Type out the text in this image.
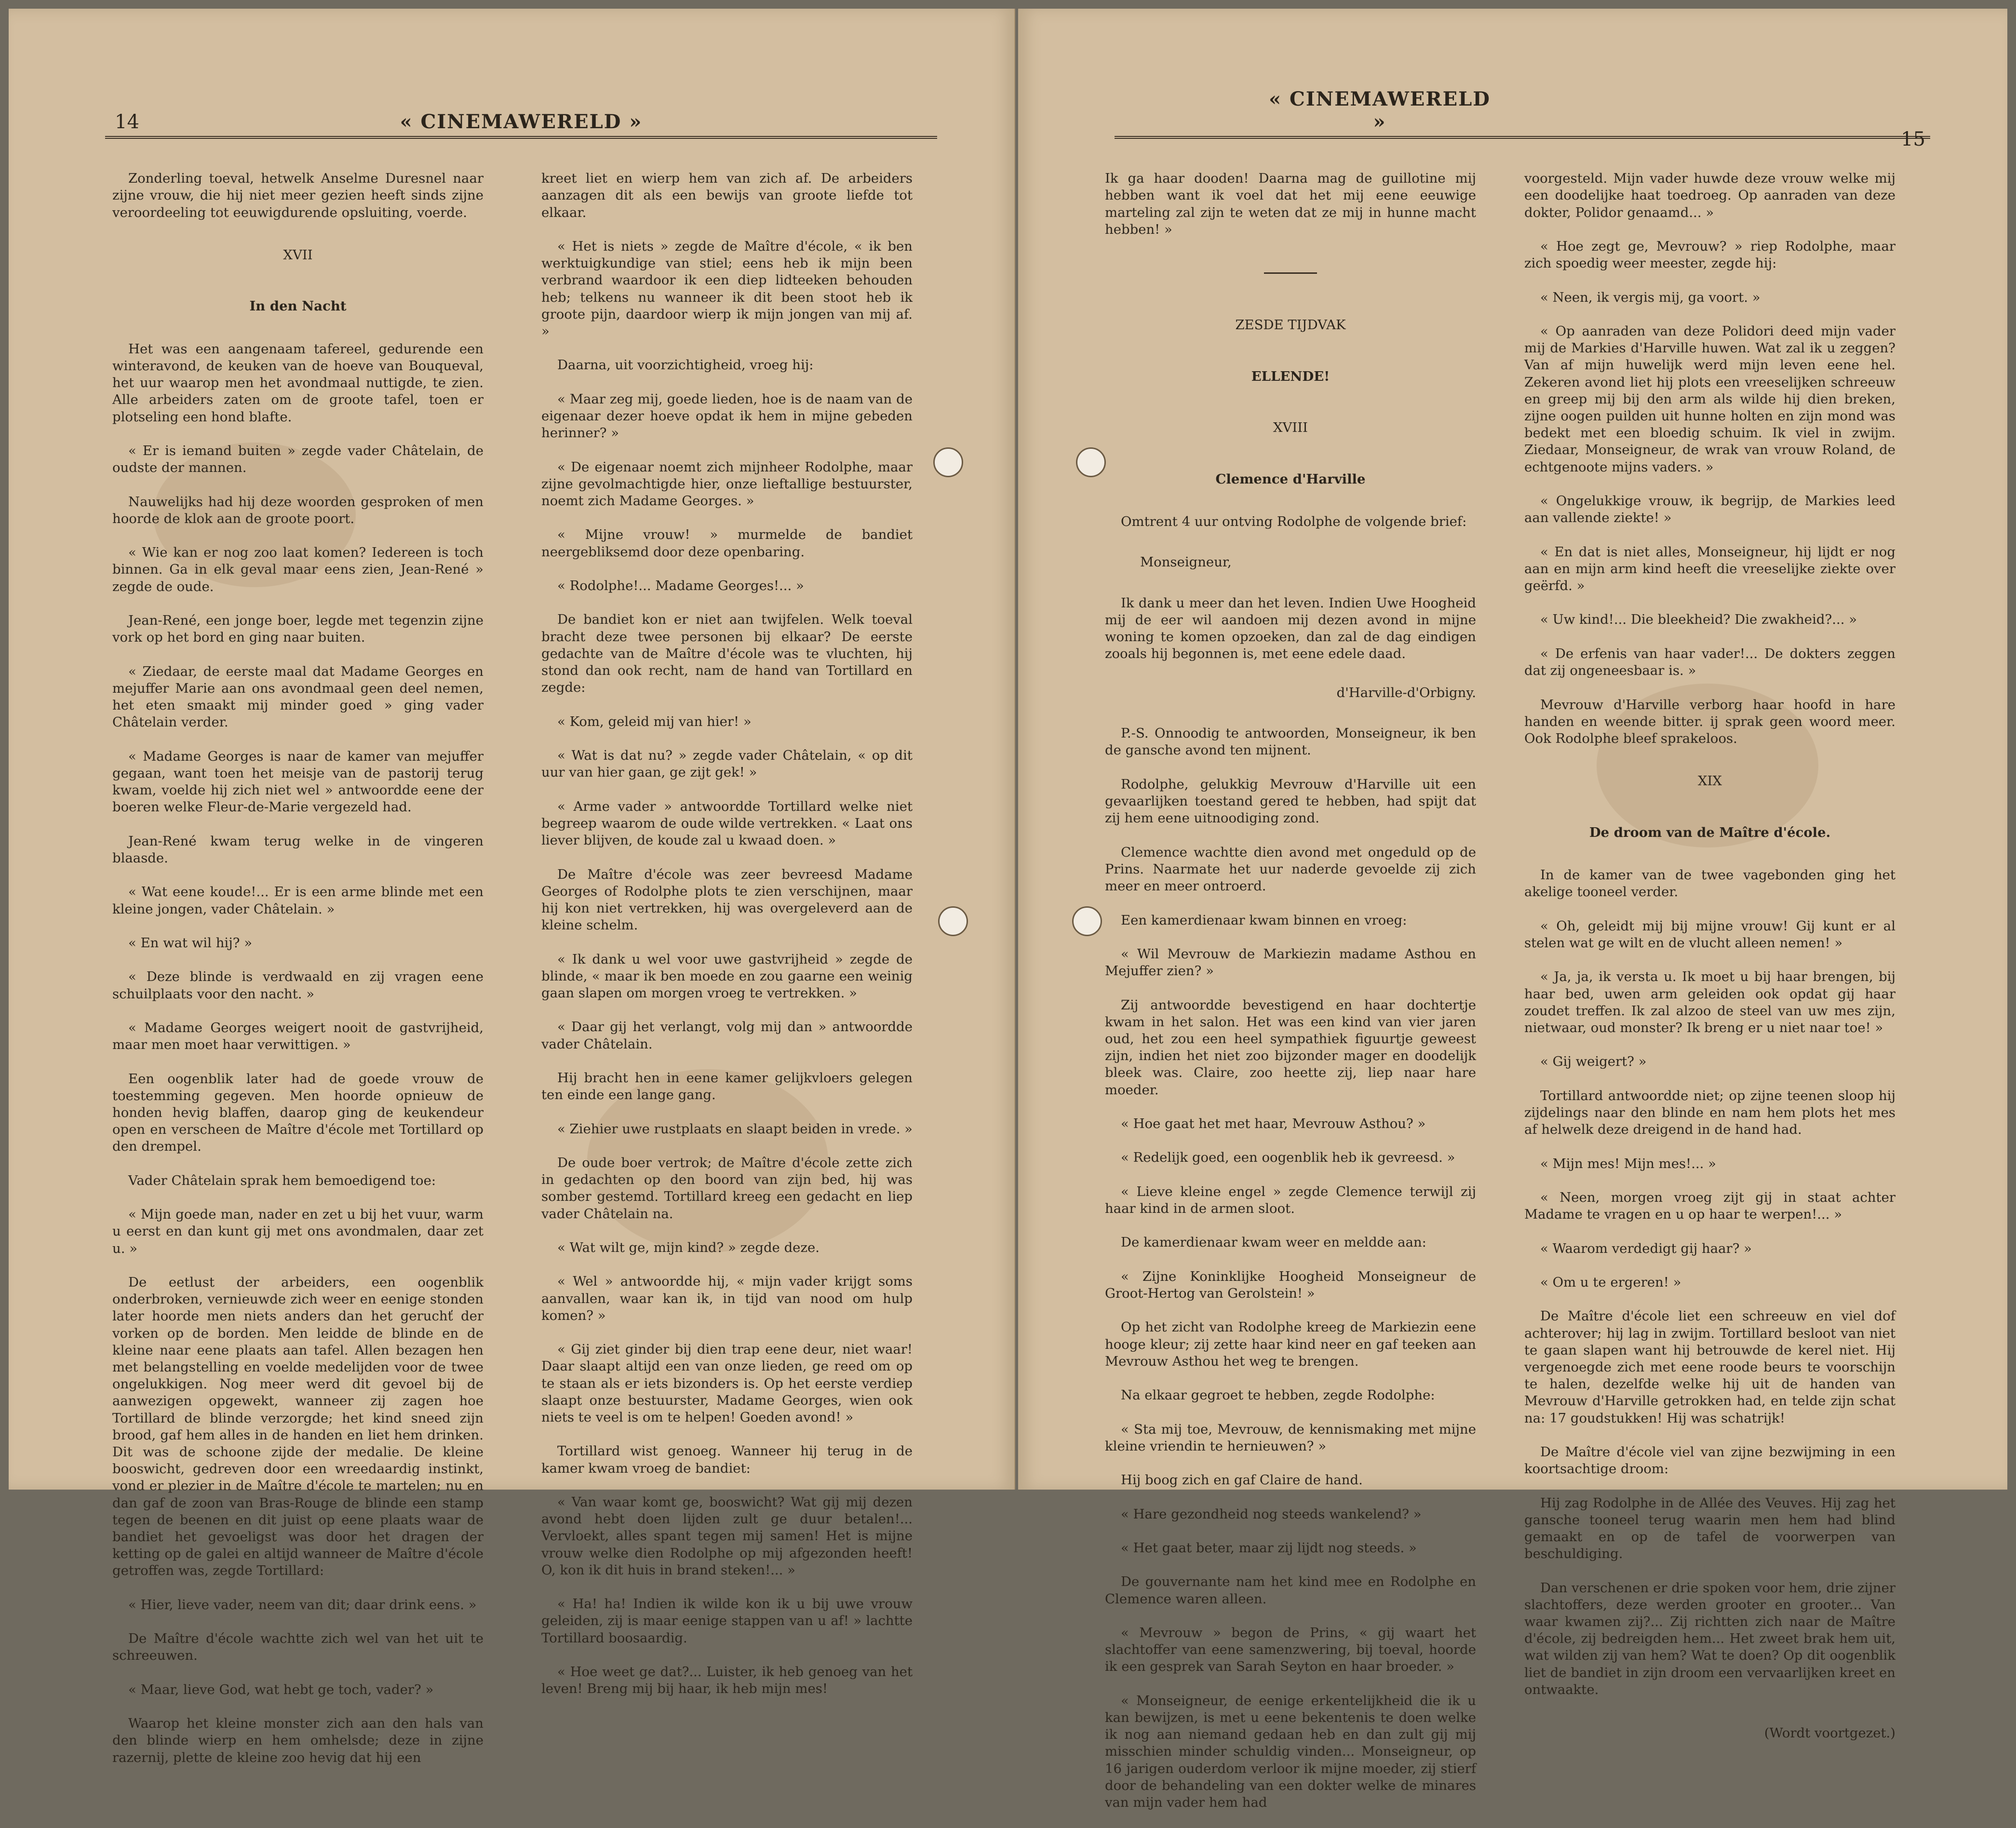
14	« CINEMAWERELD »

Zonderling toeval, hetwelk Anselme Duresnel naar zijne vrouw, die hij niet meer gezien heeft sinds zijne veroordeeling tot eeuwigdurende opsluiting, voerde.

XVII

In den Nacht

Het was een aangenaam tafereel, gedurende een winteravond, de keuken van de hoeve van Bouqueval, het uur waarop men het avondmaal nuttigde, te zien. Alle arbeiders zaten om de groote tafel, toen er plotseling een hond blafte.

« Er is iemand buiten » zegde vader Châtelain, de oudste der mannen.

Nauwelijks had hij deze woorden gesproken of men hoorde de klok aan de groote poort.

« Wie kan er nog zoo laat komen? Iedereen is toch binnen. Ga in elk geval maar eens zien, Jean-René » zegde de oude.

Jean-René, een jonge boer, legde met tegenzin zijne vork op het bord en ging naar buiten.

« Ziedaar, de eerste maal dat Madame Georges en mejuffer Marie aan ons avondmaal geen deel nemen, het eten smaakt mij minder goed » ging vader Châtelain verder.

« Madame Georges is naar de kamer van mejuffer gegaan, want toen het meisje van de pastorij terug kwam, voelde hij zich niet wel » antwoordde eene der boeren welke Fleur-de-Marie vergezeld had.

Jean-René kwam terug welke in de vingeren blaasde.

« Wat eene koude!... Er is een arme blinde met een kleine jongen, vader Châtelain. »

« En wat wil hij? »

« Deze blinde is verdwaald en zij vragen eene schuilplaats voor den nacht. »

« Madame Georges weigert nooit de gastvrijheid, maar men moet haar verwittigen. »

Een oogenblik later had de goede vrouw de toestemming gegeven. Men hoorde opnieuw de honden hevig blaffen, daarop ging de keukendeur open en verscheen de Maître d'école met Tortillard op den drempel.

Vader Châtelain sprak hem bemoedigend toe:

« Mijn goede man, nader en zet u bij het vuur, warm u eerst en dan kunt gij met ons avondmalen, daar zet u. »

De eetlust der arbeiders, een oogenblik onderbroken, vernieuwde zich weer en eenige stonden later hoorde men niets anders dan het geruchť der vorken op de borden. Men leidde de blinde en de kleine naar eene plaats aan tafel. Allen bezagen hen met belangstelling en voelde medelijden voor de twee ongelukkigen. Nog meer werd dit gevoel bij de aanwezigen opgewekt, wanneer zij zagen hoe Tortillard de blinde verzorgde; het kind sneed zijn brood, gaf hem alles in de handen en liet hem drinken. Dit was de schoone zijde der medalie. De kleine booswicht, gedreven door een wreedaardig instinkt, vond er plezier in de Maître d'école te martelen; nu en dan gaf de zoon van Bras-Rouge de blinde een stamp tegen de beenen en dit juist op eene plaats waar de bandiet het gevoeligst was door het dragen der ketting op de galei en altijd wanneer de Maître d'école getroffen was, zegde Tortillard:

« Hier, lieve vader, neem van dit; daar drink eens. »

De Maître d'école wachtte zich wel van het uit te schreeuwen.

« Maar, lieve God, wat hebt ge toch, vader? »

Waarop het kleine monster zich aan den hals van den blinde wierp en hem omhelsde; deze in zijne razernij, plette de kleine zoo hevig dat hij een

kreet liet en wierp hem van zich af. De arbeiders aanzagen dit als een bewijs van groote liefde tot elkaar.

« Het is niets » zegde de Maître d'école, « ik ben werktuigkundige van stiel; eens heb ik mijn been verbrand waardoor ik een diep lidteeken behouden heb; telkens nu wanneer ik dit been stoot heb ik groote pijn, daardoor wierp ik mijn jongen van mij af. »

Daarna, uit voorzichtigheid, vroeg hij:

« Maar zeg mij, goede lieden, hoe is de naam van de eigenaar dezer hoeve opdat ik hem in mijne gebeden herinner? »

« De eigenaar noemt zich mijnheer Rodolphe, maar zijne gevolmachtigde hier, onze lieftallige bestuurster, noemt zich Madame Georges. »

« Mijne vrouw! » murmelde de bandiet neergebliksemd door deze openbaring.

« Rodolphe!... Madame Georges!... »

De bandiet kon er niet aan twijfelen. Welk toeval bracht deze twee personen bij elkaar? De eerste gedachte van de Maître d'école was te vluchten, hij stond dan ook recht, nam de hand van Tortillard en zegde:

« Kom, geleid mij van hier! »

« Wat is dat nu? » zegde vader Châtelain, « op dit uur van hier gaan, ge zijt gek! »

« Arme vader » antwoordde Tortillard welke niet begreep waarom de oude wilde vertrekken. « Laat ons liever blijven, de koude zal u kwaad doen. »

De Maître d'école was zeer bevreesd Madame Georges of Rodolphe plots te zien verschijnen, maar hij kon niet vertrekken, hij was overgeleverd aan de kleine schelm.

« Ik dank u wel voor uwe gastvrijheid » zegde de blinde, « maar ik ben moede en zou gaarne een weinig gaan slapen om morgen vroeg te vertrekken. »

« Daar gij het verlangt, volg mij dan » antwoordde vader Châtelain.

Hij bracht hen in eene kamer gelijkvloers gelegen ten einde een lange gang.

« Ziehier uwe rustplaats en slaapt beiden in vrede. »

De oude boer vertrok; de Maître d'école zette zich in gedachten op den boord van zijn bed, hij was somber gestemd. Tortillard kreeg een gedacht en liep vader Châtelain na.

« Wat wilt ge, mijn kind? » zegde deze.

« Wel » antwoordde hij, « mijn vader krijgt soms aanvallen, waar kan ik, in tijd van nood om hulp komen? »

« Gij ziet ginder bij dien trap eene deur, niet waar! Daar slaapt altijd een van onze lieden, ge reed om op te staan als er iets bizonders is. Op het eerste verdiep slaapt onze bestuurster, Madame Georges, wien ook niets te veel is om te helpen! Goeden avond! »

Tortillard wist genoeg. Wanneer hij terug in de kamer kwam vroeg de bandiet:

« Van waar komt ge, booswicht? Wat gij mij dezen avond hebt doen lijden zult ge duur betalen!... Vervloekt, alles spant tegen mij samen! Het is mijne vrouw welke dien Rodolphe op mij afgezonden heeft! O, kon ik dit huis in brand steken!... »

« Ha! ha! Indien ik wilde kon ik u bij uwe vrouw geleiden, zij is maar eenige stappen van u af! » lachtte Tortillard boosaardig.

« Hoe weet ge dat?... Luister, ik heb genoeg van het leven! Breng mij bij haar, ik heb mijn mes!

« CINEMAWERELD »
15

Ik ga haar dooden! Daarna mag de guillotine mij hebben want ik voel dat het mij eene eeuwige marteling zal zijn te weten dat ze mij in hunne macht hebben! »

ZESDE TIJDVAK

ELLENDE!

XVIII

Clemence d'Harville

Omtrent 4 uur ontving Rodolphe de volgende brief:

Monseigneur,

Ik dank u meer dan het leven. Indien Uwe Hoogheid mij de eer wil aandoen mij dezen avond in mijne woning te komen opzoeken, dan zal de dag eindigen zooals hij begonnen is, met eene edele daad.

d'Harville-d'Orbigny.

P.-S. Onnoodig te antwoorden, Monseigneur, ik ben de gansche avond ten mijnent.

Rodolphe, gelukkig Mevrouw d'Harville uit een gevaarlijken toestand gered te hebben, had spijt dat zij hem eene uitnoodiging zond.

Clemence wachtte dien avond met ongeduld op de Prins. Naarmate het uur naderde gevoelde zij zich meer en meer ontroerd.

Een kamerdienaar kwam binnen en vroeg:

« Wil Mevrouw de Markiezin madame Asthou en Mejuffer zien? »

Zij antwoordde bevestigend en haar dochtertje kwam in het salon. Het was een kind van vier jaren oud, het zou een heel sympathiek figuurtje geweest zijn, indien het niet zoo bijzonder mager en doodelijk bleek was. Claire, zoo heette zij, liep naar hare moeder.

« Hoe gaat het met haar, Mevrouw Asthou? »

« Redelijk goed, een oogenblik heb ik gevreesd. »

« Lieve kleine engel » zegde Clemence terwijl zij haar kind in de armen sloot.

De kamerdienaar kwam weer en meldde aan:

« Zijne Koninklijke Hoogheid Monseigneur de Groot-Hertog van Gerolstein! »

Op het zicht van Rodolphe kreeg de Markiezin eene hooge kleur; zij zette haar kind neer en gaf teeken aan Mevrouw Asthou het weg te brengen.

Na elkaar gegroet te hebben, zegde Rodolphe:

« Sta mij toe, Mevrouw, de kennismaking met mijne kleine vriendin te hernieuwen? »

Hij boog zich en gaf Claire de hand.

« Hare gezondheid nog steeds wankelend? »

« Het gaat beter, maar zij lijdt nog steeds. »

De gouvernante nam het kind mee en Rodolphe en Clemence waren alleen.

« Mevrouw » begon de Prins, « gij waart het slachtoffer van eene samenzwering, bij toeval, hoorde ik een gesprek van Sarah Seyton en haar broeder. »

« Monseigneur, de eenige erkentelijkheid die ik u kan bewijzen, is met u eene bekentenis te doen welke ik nog aan niemand gedaan heb en dan zult gij mij misschien minder schuldig vinden... Monseigneur, op 16 jarigen ouderdom verloor ik mijne moeder, zij stierf door de behandeling van een dokter welke de minares van mijn vader hem had

voorgesteld. Mijn vader huwde deze vrouw welke mij een doodelijke haat toedroeg. Op aanraden van deze dokter, Polidor genaamd... »

« Hoe zegt ge, Mevrouw? » riep Rodolphe, maar zich spoedig weer meester, zegde hij:

« Neen, ik vergis mij, ga voort. »

« Op aanraden van deze Polidori deed mijn vader mij de Markies d'Harville huwen. Wat zal ik u zeggen? Van af mijn huwelijk werd mijn leven eene hel. Zekeren avond liet hij plots een vreeselijken schreeuw en greep mij bij den arm als wilde hij dien breken, zijne oogen puilden uit hunne holten en zijn mond was bedekt met een bloedig schuim. Ik viel in zwijm. Ziedaar, Monseigneur, de wrak van vrouw Roland, de echtgenoote mijns vaders. »

« Ongelukkige vrouw, ik begrijp, de Markies leed aan vallende ziekte! »

« En dat is niet alles, Monseigneur, hij lijdt er nog aan en mijn arm kind heeft die vreeselijke ziekte over geërfd. »

« Uw kind!... Die bleekheid? Die zwakheid?... »

« De erfenis van haar vader!... De dokters zeggen dat zij ongeneesbaar is. »

Mevrouw d'Harville verborg haar hoofd in hare handen en weende bitter. ij sprak geen woord meer. Ook Rodolphe bleef sprakeloos.

XIX

De droom van de Maître d'école.

In de kamer van de twee vagebonden ging het akelige tooneel verder.

« Oh, geleidt mij bij mijne vrouw! Gij kunt er al stelen wat ge wilt en de vlucht alleen nemen! »

« Ja, ja, ik versta u. Ik moet u bij haar brengen, bij haar bed, uwen arm geleiden ook opdat gij haar zoudet treffen. Ik zal alzoo de steel van uw mes zijn, nietwaar, oud monster? Ik breng er u niet naar toe! »

« Gij weigert? »

Tortillard antwoordde niet; op zijne teenen sloop hij zijdelings naar den blinde en nam hem plots het mes af helwelk deze dreigend in de hand had.

« Mijn mes! Mijn mes!... »

« Neen, morgen vroeg zijt gij in staat achter Madame te vragen en u op haar te werpen!... »

« Waarom verdedigt gij haar? »

« Om u te ergeren! »

De Maître d'école liet een schreeuw en viel dof achterover; hij lag in zwijm. Tortillard besloot van niet te gaan slapen want hij betrouwde de kerel niet. Hij vergenoegde zich met eene roode beurs te voorschijn te halen, dezelfde welke hij uit de handen van Mevrouw d'Harville getrokken had, en telde zijn schat na: 17 goudstukken! Hij was schatrijk!

De Maître d'école viel van zijne bezwijming in een koortsachtige droom:

Hij zag Rodolphe in de Allée des Veuves. Hij zag het gansche tooneel terug waarin men hem had blind gemaakt en op de tafel de voorwerpen van beschuldiging.

Dan verschenen er drie spoken voor hem, drie zijner slachtoffers, deze werden grooter en grooter... Van waar kwamen zij?... Zij richtten zich naar de Maître d'école, zij bedreigden hem... Het zweet brak hem uit, wat wilden zij van hem? Wat te doen? Op dit oogenblik liet de bandiet in zijn droom een vervaarlijken kreet en ontwaakte.

(Wordt voortgezet.)
